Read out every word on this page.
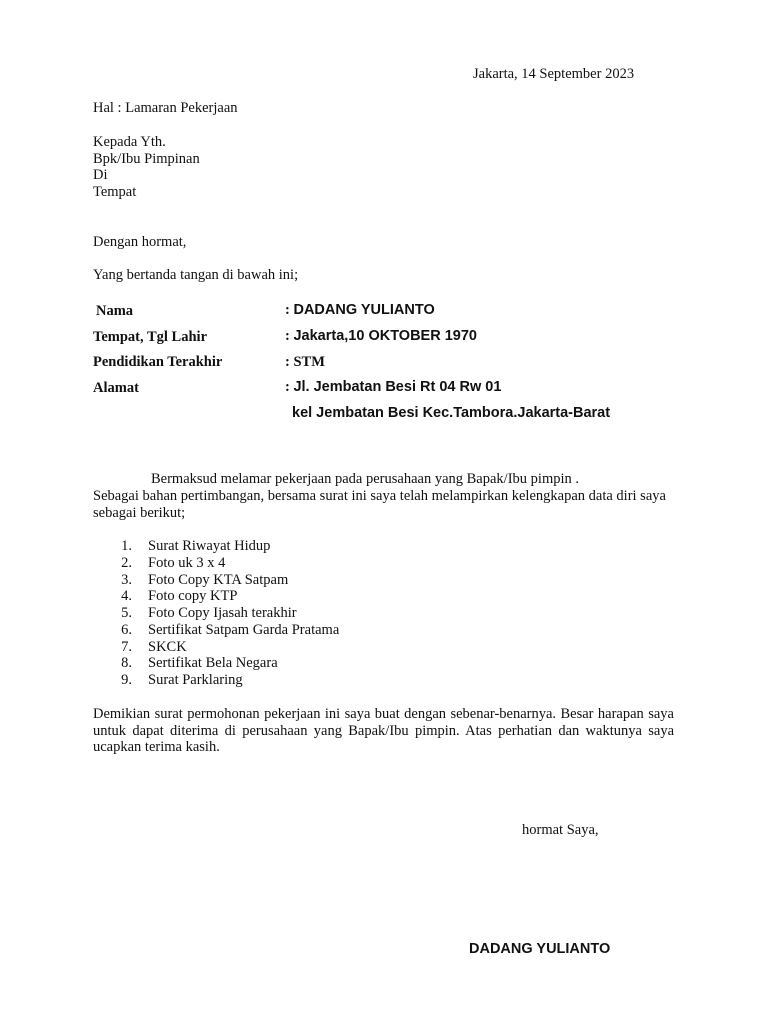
Jakarta, 14 September 2023
Hal : Lamaran Pekerjaan
Kepada Yth.
Bpk/Ibu Pimpinan
Di
Tempat
Dengan hormat,
Yang bertanda tangan di bawah ini;
Nama	: DADANG YULIANTO
Tempat, Tgl Lahir	: Jakarta,10 OKTOBER 1970
Pendidikan Terakhir	: STM
Alamat	: Jl. Jembatan Besi Rt 04 Rw 01
kel Jembatan Besi Kec.Tambora.Jakarta-Barat
Bermaksud melamar pekerjaan pada perusahaan yang Bapak/Ibu pimpin .
Sebagai bahan pertimbangan, bersama surat ini saya telah melampirkan kelengkapan data diri saya sebagai berikut;
1. Surat Riwayat Hidup
2. Foto uk 3 x 4
3. Foto Copy KTA Satpam
4. Foto copy KTP
5. Foto Copy Ijasah terakhir
6. Sertifikat Satpam Garda Pratama
7. SKCK
8. Sertifikat Bela Negara
9. Surat Parklaring
Demikian surat permohonan pekerjaan ini saya buat dengan sebenar-benarnya. Besar harapan saya untuk dapat diterima di perusahaan yang Bapak/Ibu pimpin. Atas perhatian dan waktunya saya ucapkan terima kasih.
hormat Saya,
DADANG YULIANTO
